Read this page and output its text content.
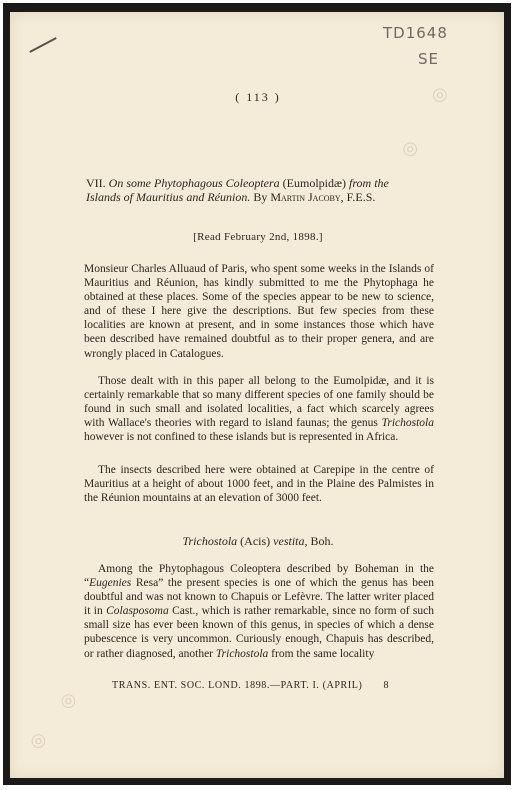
TD1648
SE
◎
◎
◎
◎
( 113 )
VII. On some Phytophagous Coleoptera (Eumolpidæ) from the Islands of Mauritius and Réunion. By Martin Jacoby, F.E.S.
[Read February 2nd, 1898.]

Monsieur Charles Alluaud of Paris, who spent some weeks in the Islands of Mauritius and Réunion, has kindly submitted to me the Phytophaga he obtained at these places. Some of the species appear to be new to science, and of these I here give the descriptions. But few species from these localities are known at present, and in some instances those which have been described have remained doubtful as to their proper genera, and are wrongly placed in Catalogues.

Those dealt with in this paper all belong to the Eumolpidæ, and it is certainly remarkable that so many different species of one family should be found in such small and isolated localities, a fact which scarcely agrees with Wallace's theories with regard to island faunas; the genus Trichostola however is not confined to these islands but is represented in Africa.

The insects described here were obtained at Carepipe in the centre of Mauritius at a height of about 1000 feet, and in the Plaine des Palmistes in the Réunion mountains at an elevation of 3000 feet.

Trichostola (Acis) vestita, Boh.

Among the Phytophagous Coleoptera described by Boheman in the “Eugenies Resa” the present species is one of which the genus has been doubtful and was not known to Chapuis or Lefèvre. The latter writer placed it in Colasposoma Cast., which is rather remarkable, since no form of such small size has ever been known of this genus, in species of which a dense pubescence is very uncommon. Curiously enough, Chapuis has described, or rather diagnosed, another Trichostola from the same locality

TRANS. ENT. SOC. LOND. 1898.—PART. I. (APRIL) 8
